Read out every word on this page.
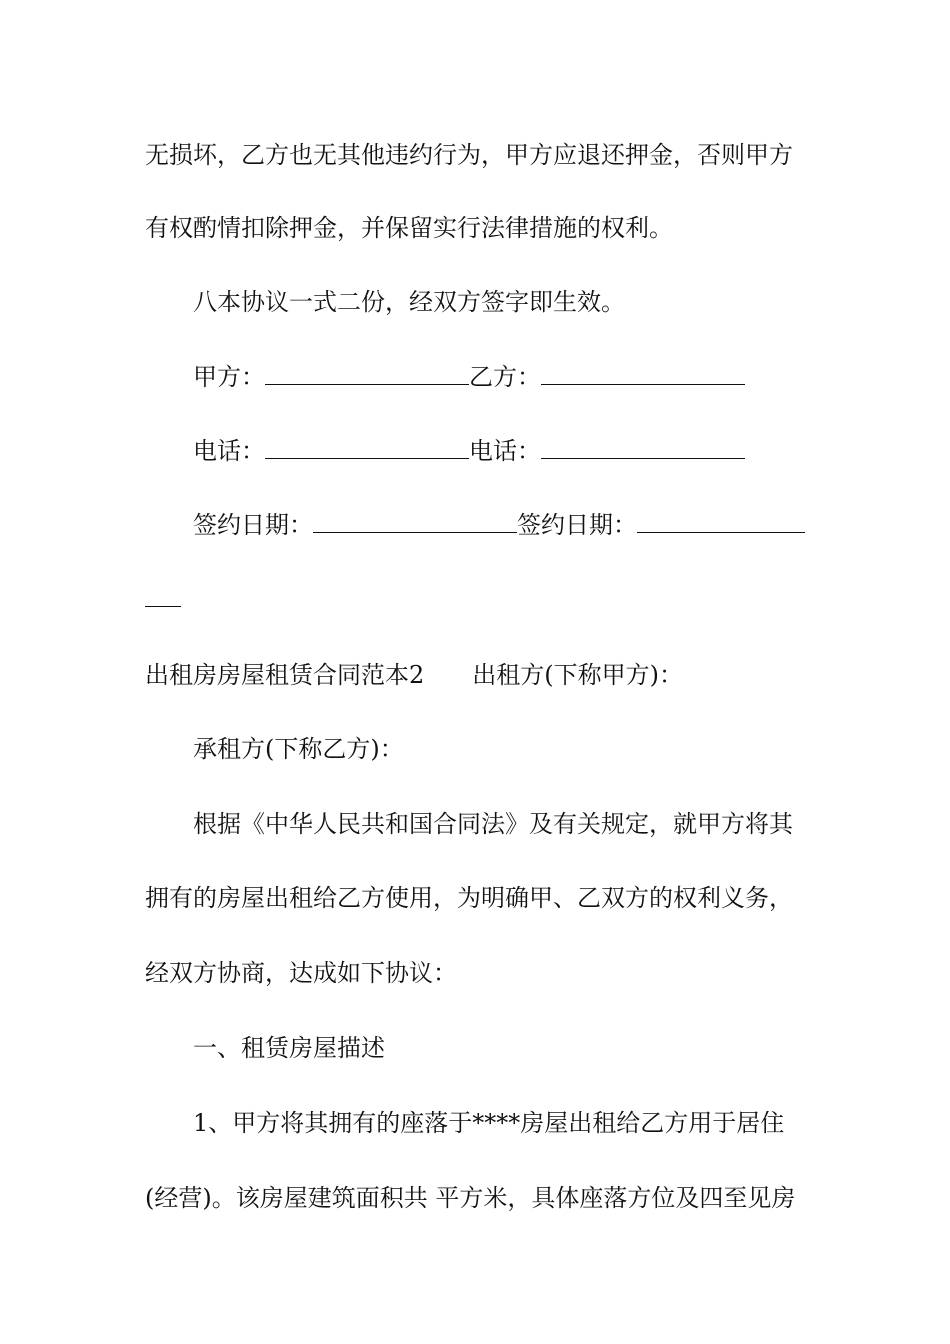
无损坏，乙方也无其他违约行为，甲方应退还押金，否则甲方
有权酌情扣除押金，并保留实行法律措施的权利。
八本协议一式二份，经双方签字即生效。
甲方：	乙方：
电话：	电话：
签约日期：	签约日期：
出租房房屋租赁合同范本2 出租方(下称甲方)：
承租方(下称乙方)：
根据《中华人民共和国合同法》及有关规定，就甲方将其
拥有的房屋出租给乙方使用，为明确甲、乙双方的权利义务，
经双方协商，达成如下协议：
一、租赁房屋描述
1、甲方将其拥有的座落于****房屋出租给乙方用于居住
(经营)。该房屋建筑面积共 平方米，具体座落方位及四至见房
